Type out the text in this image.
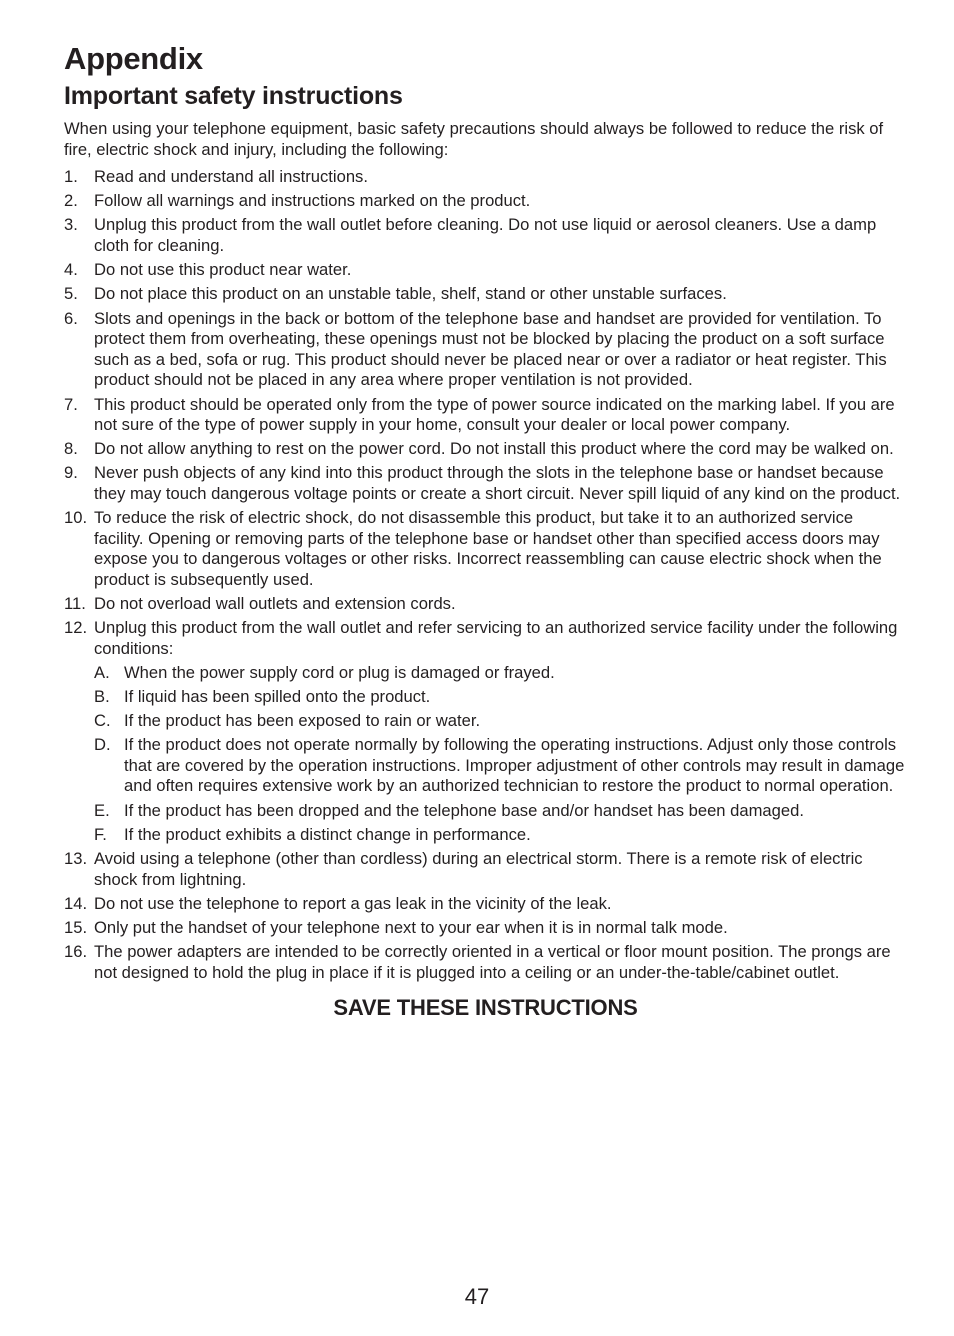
Appendix
Important safety instructions

When using your telephone equipment, basic safety precautions should always be followed to reduce the risk of fire, electric shock and injury, including the following:

1. Read and understand all instructions.
2. Follow all warnings and instructions marked on the product.
3. Unplug this product from the wall outlet before cleaning. Do not use liquid or aerosol cleaners. Use a damp cloth for cleaning.
4. Do not use this product near water.
5. Do not place this product on an unstable table, shelf, stand or other unstable surfaces.
6. Slots and openings in the back or bottom of the telephone base and handset are provided for ventilation. To protect them from overheating, these openings must not be blocked by placing the product on a soft surface such as a bed, sofa or rug. This product should never be placed near or over a radiator or heat register. This product should not be placed in any area where proper ventilation is not provided.
7. This product should be operated only from the type of power source indicated on the marking label. If you are not sure of the type of power supply in your home, consult your dealer or local power company.
8. Do not allow anything to rest on the power cord. Do not install this product where the cord may be walked on.
9. Never push objects of any kind into this product through the slots in the telephone base or handset because they may touch dangerous voltage points or create a short circuit. Never spill liquid of any kind on the product.
10. To reduce the risk of electric shock, do not disassemble this product, but take it to an authorized service facility. Opening or removing parts of the telephone base or handset other than specified access doors may expose you to dangerous voltages or other risks. Incorrect reassembling can cause electric shock when the product is subsequently used.
11. Do not overload wall outlets and extension cords.
12. Unplug this product from the wall outlet and refer servicing to an authorized service facility under the following conditions:
A. When the power supply cord or plug is damaged or frayed.
B. If liquid has been spilled onto the product.
C. If the product has been exposed to rain or water.
D. If the product does not operate normally by following the operating instructions. Adjust only those controls that are covered by the operation instructions. Improper adjustment of other controls may result in damage and often requires extensive work by an authorized technician to restore the product to normal operation.
E. If the product has been dropped and the telephone base and/or handset has been damaged.
F. If the product exhibits a distinct change in performance.
13. Avoid using a telephone (other than cordless) during an electrical storm. There is a remote risk of electric shock from lightning.
14. Do not use the telephone to report a gas leak in the vicinity of the leak.
15. Only put the handset of your telephone next to your ear when it is in normal talk mode.
16. The power adapters are intended to be correctly oriented in a vertical or floor mount position. The prongs are not designed to hold the plug in place if it is plugged into a ceiling or an under-the-table/cabinet outlet.
SAVE THESE INSTRUCTIONS
47
